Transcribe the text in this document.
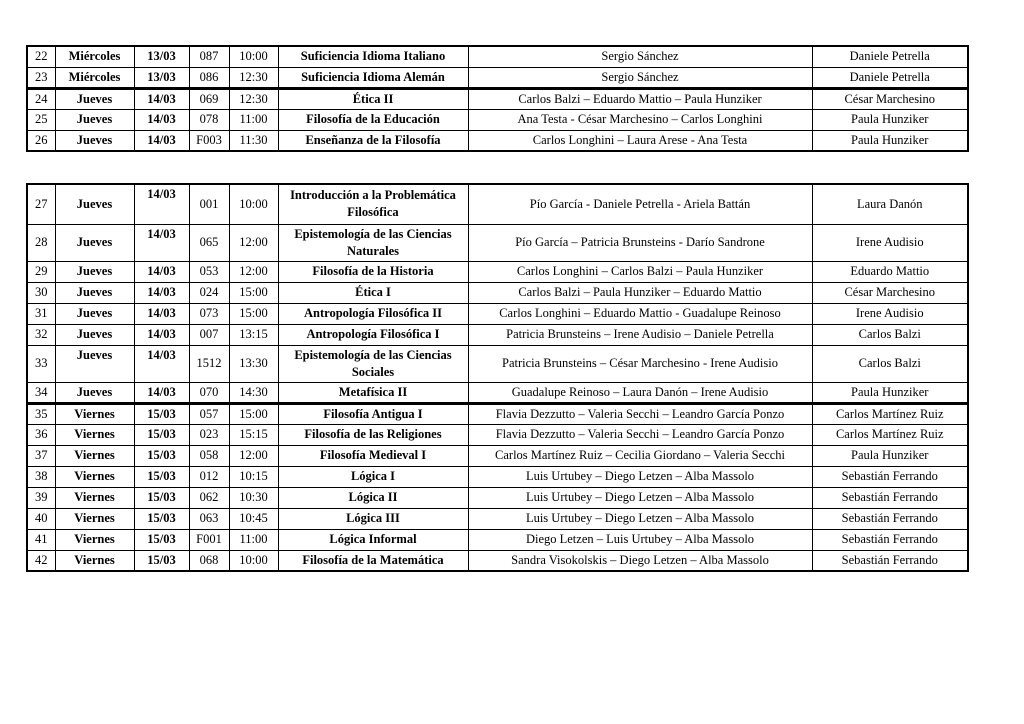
22	Miércoles	13/03	087	10:00	Suficiencia Idioma Italiano	Sergio Sánchez	Daniele Petrella
23	Miércoles	13/03	086	12:30	Suficiencia Idioma Alemán	Sergio Sánchez	Daniele Petrella
24	Jueves	14/03	069	12:30	Ética II	Carlos Balzi – Eduardo Mattio – Paula Hunziker	César Marchesino
25	Jueves	14/03	078	11:00	Filosofía de la Educación	Ana Testa - César Marchesino – Carlos Longhini	Paula Hunziker
26	Jueves	14/03	F003	11:30	Enseñanza de la Filosofía	Carlos Longhini – Laura Arese - Ana Testa	Paula Hunziker
27	Jueves	14/03	001	10:00	Introducción a la Problemática Filosófica	Pío García - Daniele Petrella - Ariela Battán	Laura Danón
28	Jueves	14/03	065	12:00	Epistemología de las Ciencias Naturales	Pío García – Patricia Brunsteins - Darío Sandrone	Irene Audisio
29	Jueves	14/03	053	12:00	Filosofía de la Historia	Carlos Longhini – Carlos Balzi – Paula Hunziker	Eduardo Mattio
30	Jueves	14/03	024	15:00	Ética I	Carlos Balzi – Paula Hunziker – Eduardo Mattio	César Marchesino
31	Jueves	14/03	073	15:00	Antropología Filosófica II	Carlos Longhini – Eduardo Mattio - Guadalupe Reinoso	Irene Audisio
32	Jueves	14/03	007	13:15	Antropología Filosófica I	Patricia Brunsteins – Irene Audisio – Daniele Petrella	Carlos Balzi
33	Jueves	14/03	1512	13:30	Epistemología de las Ciencias Sociales	Patricia Brunsteins – César Marchesino - Irene Audisio	Carlos Balzi
34	Jueves	14/03	070	14:30	Metafísica II	Guadalupe Reinoso – Laura Danón – Irene Audisio	Paula Hunziker
35	Viernes	15/03	057	15:00	Filosofía Antigua I	Flavia Dezzutto – Valeria Secchi – Leandro García Ponzo	Carlos Martínez Ruiz
36	Viernes	15/03	023	15:15	Filosofía de las Religiones	Flavia Dezzutto – Valeria Secchi – Leandro García Ponzo	Carlos Martínez Ruiz
37	Viernes	15/03	058	12:00	Filosofía Medieval I	Carlos Martínez Ruiz – Cecilia Giordano – Valeria Secchi	Paula Hunziker
38	Viernes	15/03	012	10:15	Lógica I	Luis Urtubey – Diego Letzen – Alba Massolo	Sebastián Ferrando
39	Viernes	15/03	062	10:30	Lógica II	Luis Urtubey – Diego Letzen – Alba Massolo	Sebastián Ferrando
40	Viernes	15/03	063	10:45	Lógica III	Luis Urtubey – Diego Letzen – Alba Massolo	Sebastián Ferrando
41	Viernes	15/03	F001	11:00	Lógica Informal	Diego Letzen – Luis Urtubey – Alba Massolo	Sebastián Ferrando
42	Viernes	15/03	068	10:00	Filosofía de la Matemática	Sandra Visokolskis – Diego Letzen – Alba Massolo	Sebastián Ferrando
